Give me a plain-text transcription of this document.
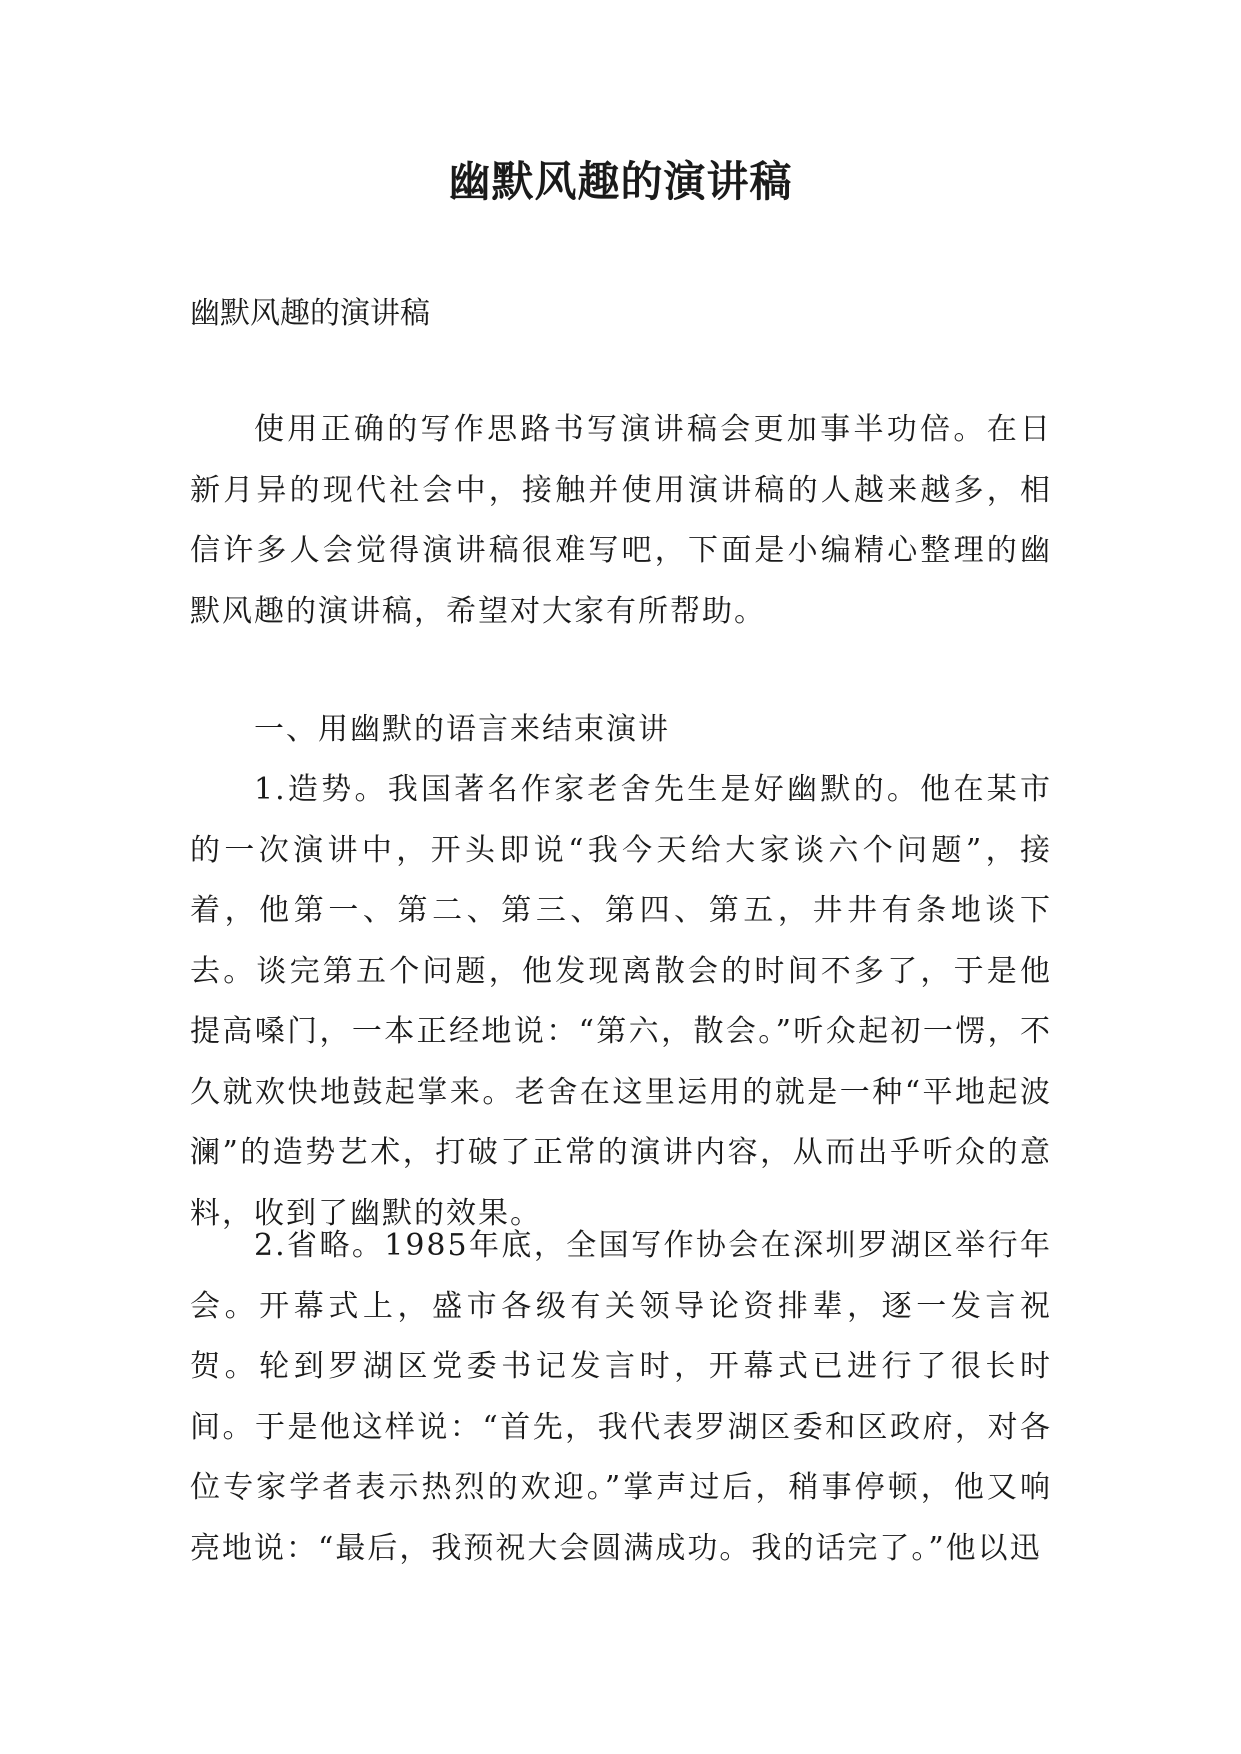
幽默风趣的演讲稿

幽默风趣的演讲稿

使用正确的写作思路书写演讲稿会更加事半功倍。在日新月异的现代社会中，接触并使用演讲稿的人越来越多，相信许多人会觉得演讲稿很难写吧，下面是小编精心整理的幽默风趣的演讲稿，希望对大家有所帮助。

一、用幽默的语言来结束演讲

1.造势。我国著名作家老舍先生是好幽默的。他在某市的一次演讲中，开头即说“我今天给大家谈六个问题”，接着，他第一、第二、第三、第四、第五，井井有条地谈下去。谈完第五个问题，他发现离散会的时间不多了，于是他提高嗓门，一本正经地说：“第六，散会。”听众起初一愣，不久就欢快地鼓起掌来。老舍在这里运用的就是一种“平地起波澜”的造势艺术，打破了正常的演讲内容，从而出乎听众的意料，收到了幽默的效果。

2.省略。1985年底，全国写作协会在深圳罗湖区举行年会。开幕式上，盛市各级有关领导论资排辈，逐一发言祝贺。轮到罗湖区党委书记发言时，开幕式已进行了很长时间。于是他这样说：“首先，我代表罗湖区委和区政府，对各位专家学者表示热烈的欢迎。”掌声过后，稍事停顿，他又响亮地说：“最后，我预祝大会圆满成功。我的话完了。”他以迅
